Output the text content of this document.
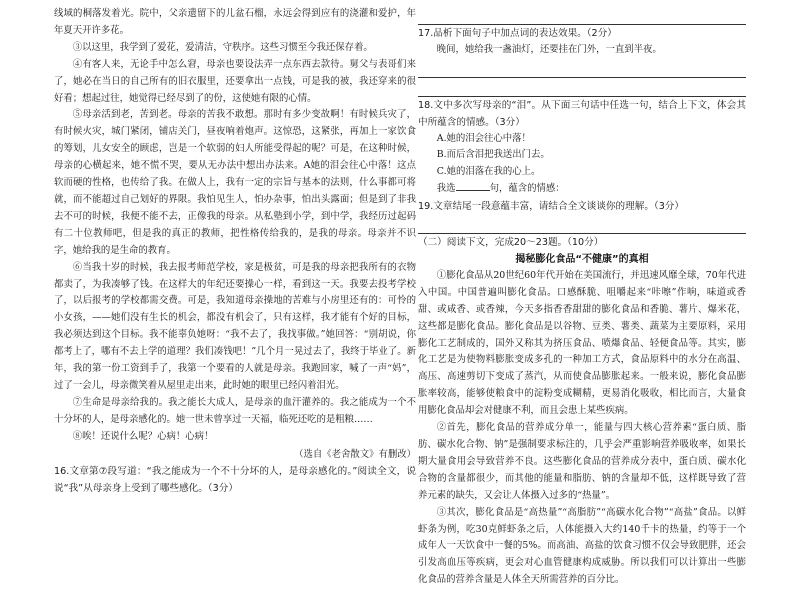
线域的桐落发着光。院中，父亲遗留下的儿盆石榴，永远会得到应有的浇灌和爱护，年年夏天开许多花。

③以这里，我学到了爱花，爱清洁，守秩序。这些习惯至今我还保存着。

④有客人来，无论手中怎么窘，母亲也要设法弄一点东西去款待。舅父与表哥们来了，她必在当日的自己所有的旧衣服里，还要拿出一点钱，可是我的被，我还穿来的很好看；想起过往，她觉得已经尽到了的份，这使她有限的心情。

⑤母亲活到老，苦到老。母亲的苦我不敢想。那时有多少变故啊！有时候兵灾了，有时候火灾，城门紧闭，铺店关门，昼夜响着炮声。这惊恐，这紧张，再加上一家饮食的筹划，儿女安全的顾虑，岂是一个软弱的妇人所能受得起的呢？可是，在这种时候，母亲的心横起来，她不慌不哭，要从无办法中想出办法来。A她的泪会往心中落！这点软而硬的性格，也传给了我。在做人上，我有一定的宗旨与基本的法则，什么事都可将就，而不能超过自己划好的界限。我怕见生人，怕办杂事，怕出头露面；但是到了非我去不可的时候，我便不能不去，正像我的母亲。从私塾到小学，到中学，我经历过起码有二十位教师吧，但是我的真正的教师，把性格传给我的，是我的母亲。母亲并不识字，她给我的是生命的教育。

⑥当我十岁的时候，我去报考师范学校，家是极贫，可是我的母亲把我所有的衣物都卖了，为我凑够了钱。在这样大的年纪还要操心一样，看到这一天。我要去投考学校了，以后报考的学校都需交费。可是，我知道母亲操地的苦难与小房里还有的：可怜的小女孩，——她们没有生长的机会，都没有机会了，只有这样，我才能有个好的目标，我必须达到这个目标。我不能辜负她呀：“我不去了，我找事做。”她回答：“别胡说，你都考上了，哪有不去上学的道理？我们凑钱吧！”几个月一晃过去了，我终于毕业了。新年，我的第一份工资到手了，我第一个要看的人就是母亲。我跑回家，喊了一声“妈”，过了一会儿，母亲微笑着从屋里走出来，此时她的眼里已经闪着泪光。

⑦生命是母亲给我的。我之能长大成人，是母亲的血汗灌养的。我之能成为一个不十分坏的人，是母亲感化的。她一世未曾享过一天福，临死还吃的是粗粮……

⑧唉！还说什么呢？心病！心病！

（选自《老舍散文》有删改）

16.文章第⑦段写道：“我之能成为一个不十分坏的人，是母亲感化的。”阅读全文，说说“我”从母亲身上受到了哪些感化。（3分）

17.品析下面句子中加点词的表达效果。（2分）

晚间，她给我一盏油灯，还要挂在门外，一直到半夜。

18.文中多次写母亲的“泪”。从下面三句话中任选一句，结合上下文，体会其中所蕴含的情感。（3分）

A.她的泪会往心中落！
B.而后含泪把我送出门去。
C.她的泪落在我的心上。
我选	句，蕴含的情感：

19.文章结尾一段意蕴丰富，请结合全文谈谈你的理解。（3分）

（二）阅读下文，完成20～23题。（10分）

揭秘膨化食品“不健康”的真相

①膨化食品从20世纪60年代开始在美国流行，并迅速风靡全球，70年代进入中国。中国普遍叫膨化食品。口感酥脆、咀嚼起来“咔嚓”作响，味道或香甜、或咸香、或香辣，今天多指香香甜甜的膨化食品和香脆、薯片、爆米花，这些都是膨化食品。膨化食品是以谷物、豆类、薯类、蔬菜为主要原料，采用膨化工艺制成的，国外又称其为挤压食品、喷爆食品、轻便食品等。其实，膨化工艺是为使物料膨胀变成多孔的一种加工方式，食品原料中的水分在高温、高压、高速剪切下变成了蒸汽，从而使食品膨胀起来。一般来说，膨化食品膨胀率较高，能够使粮食中的淀粉变成糊精，更易消化吸收，相比而言，大量食用膨化食品却会对健康不利，而且会患上某些疾病。

②首先，膨化食品的营养成分单一，能量与四大核心营养素“蛋白质、脂肪、碳水化合物、钠”是强制要求标注的，几乎会严重影响营养吸收率，如果长期大量食用会导致营养不良。这些膨化食品的营养成分表中，蛋白质、碳水化合物的含量都很少，而其他的能量和脂肪、钠的含量却不低，这样既导致了营养元素的缺失，又会让人体摄入过多的“热量”。

③其次，膨化食品是“高热量”“高脂肪”“高碳水化合物”“高盐”食品。以鲜虾条为例，吃30克鲜虾条之后，人体能摄入大约140千卡的热量，约等于一个成年人一天饮食中一餐的5%。而高油、高盐的饮食习惯不仅会导致肥胖，还会引发高血压等疾病，更会对心血管健康构成威胁。所以我们可以计算出一些膨化食品的营养含量是人体全天所需营养的百分比。
